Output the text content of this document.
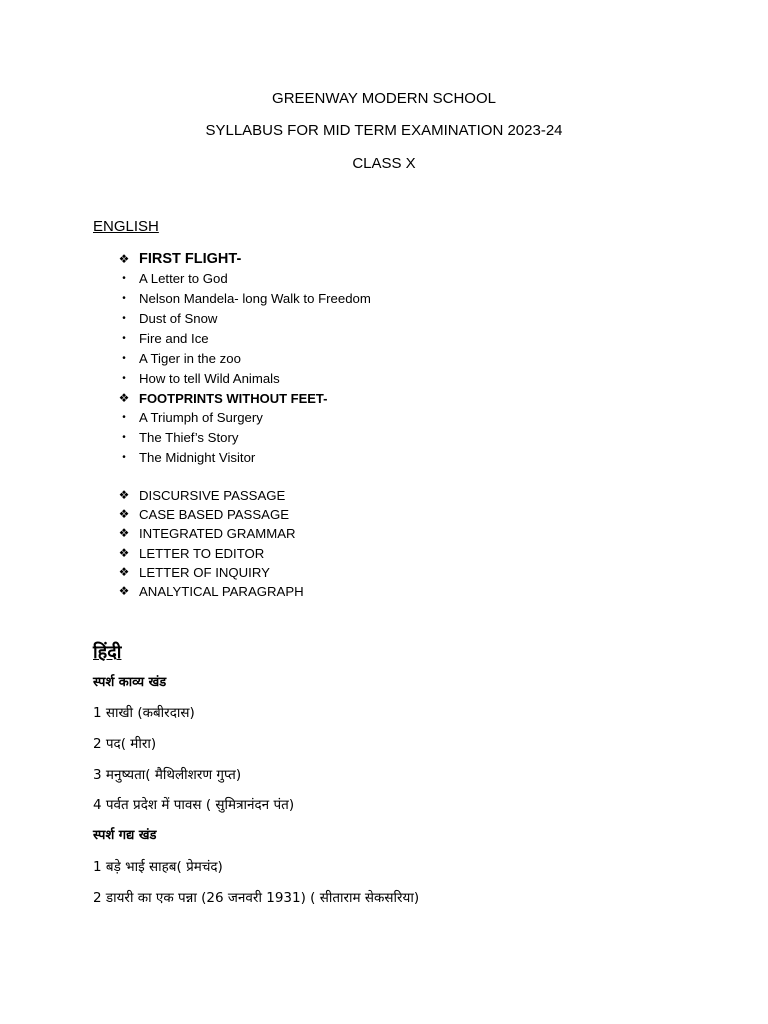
GREENWAY MODERN SCHOOL
SYLLABUS FOR MID TERM EXAMINATION 2023-24
CLASS X
ENGLISH
❖ FIRST FLIGHT-
•	A Letter to God
•	Nelson Mandela- long Walk to Freedom
•	Dust of Snow
•	Fire and Ice
•	A Tiger in the zoo
•	How to tell Wild Animals
❖ FOOTPRINTS WITHOUT FEET-
•	A Triumph of Surgery
•	The Thief’s Story
•	The Midnight Visitor
❖ DISCURSIVE PASSAGE
❖ CASE BASED PASSAGE
❖ INTEGRATED GRAMMAR
❖ LETTER TO EDITOR
❖ LETTER OF INQUIRY
❖ ANALYTICAL PARAGRAPH
हिंदी
स्पर्श काव्य खंड
1 साखी (कबीरदास)
2 पद( मीरा)
3 मनुष्यता( मैथिलीशरण गुप्त)
4 पर्वत प्रदेश में पावस ( सुमित्रानंदन पंत)
स्पर्श गद्य खंड
1 बड़े भाई साहब( प्रेमचंद)
2 डायरी का एक पन्ना (26 जनवरी 1931) ( सीताराम सेकसरिया)
